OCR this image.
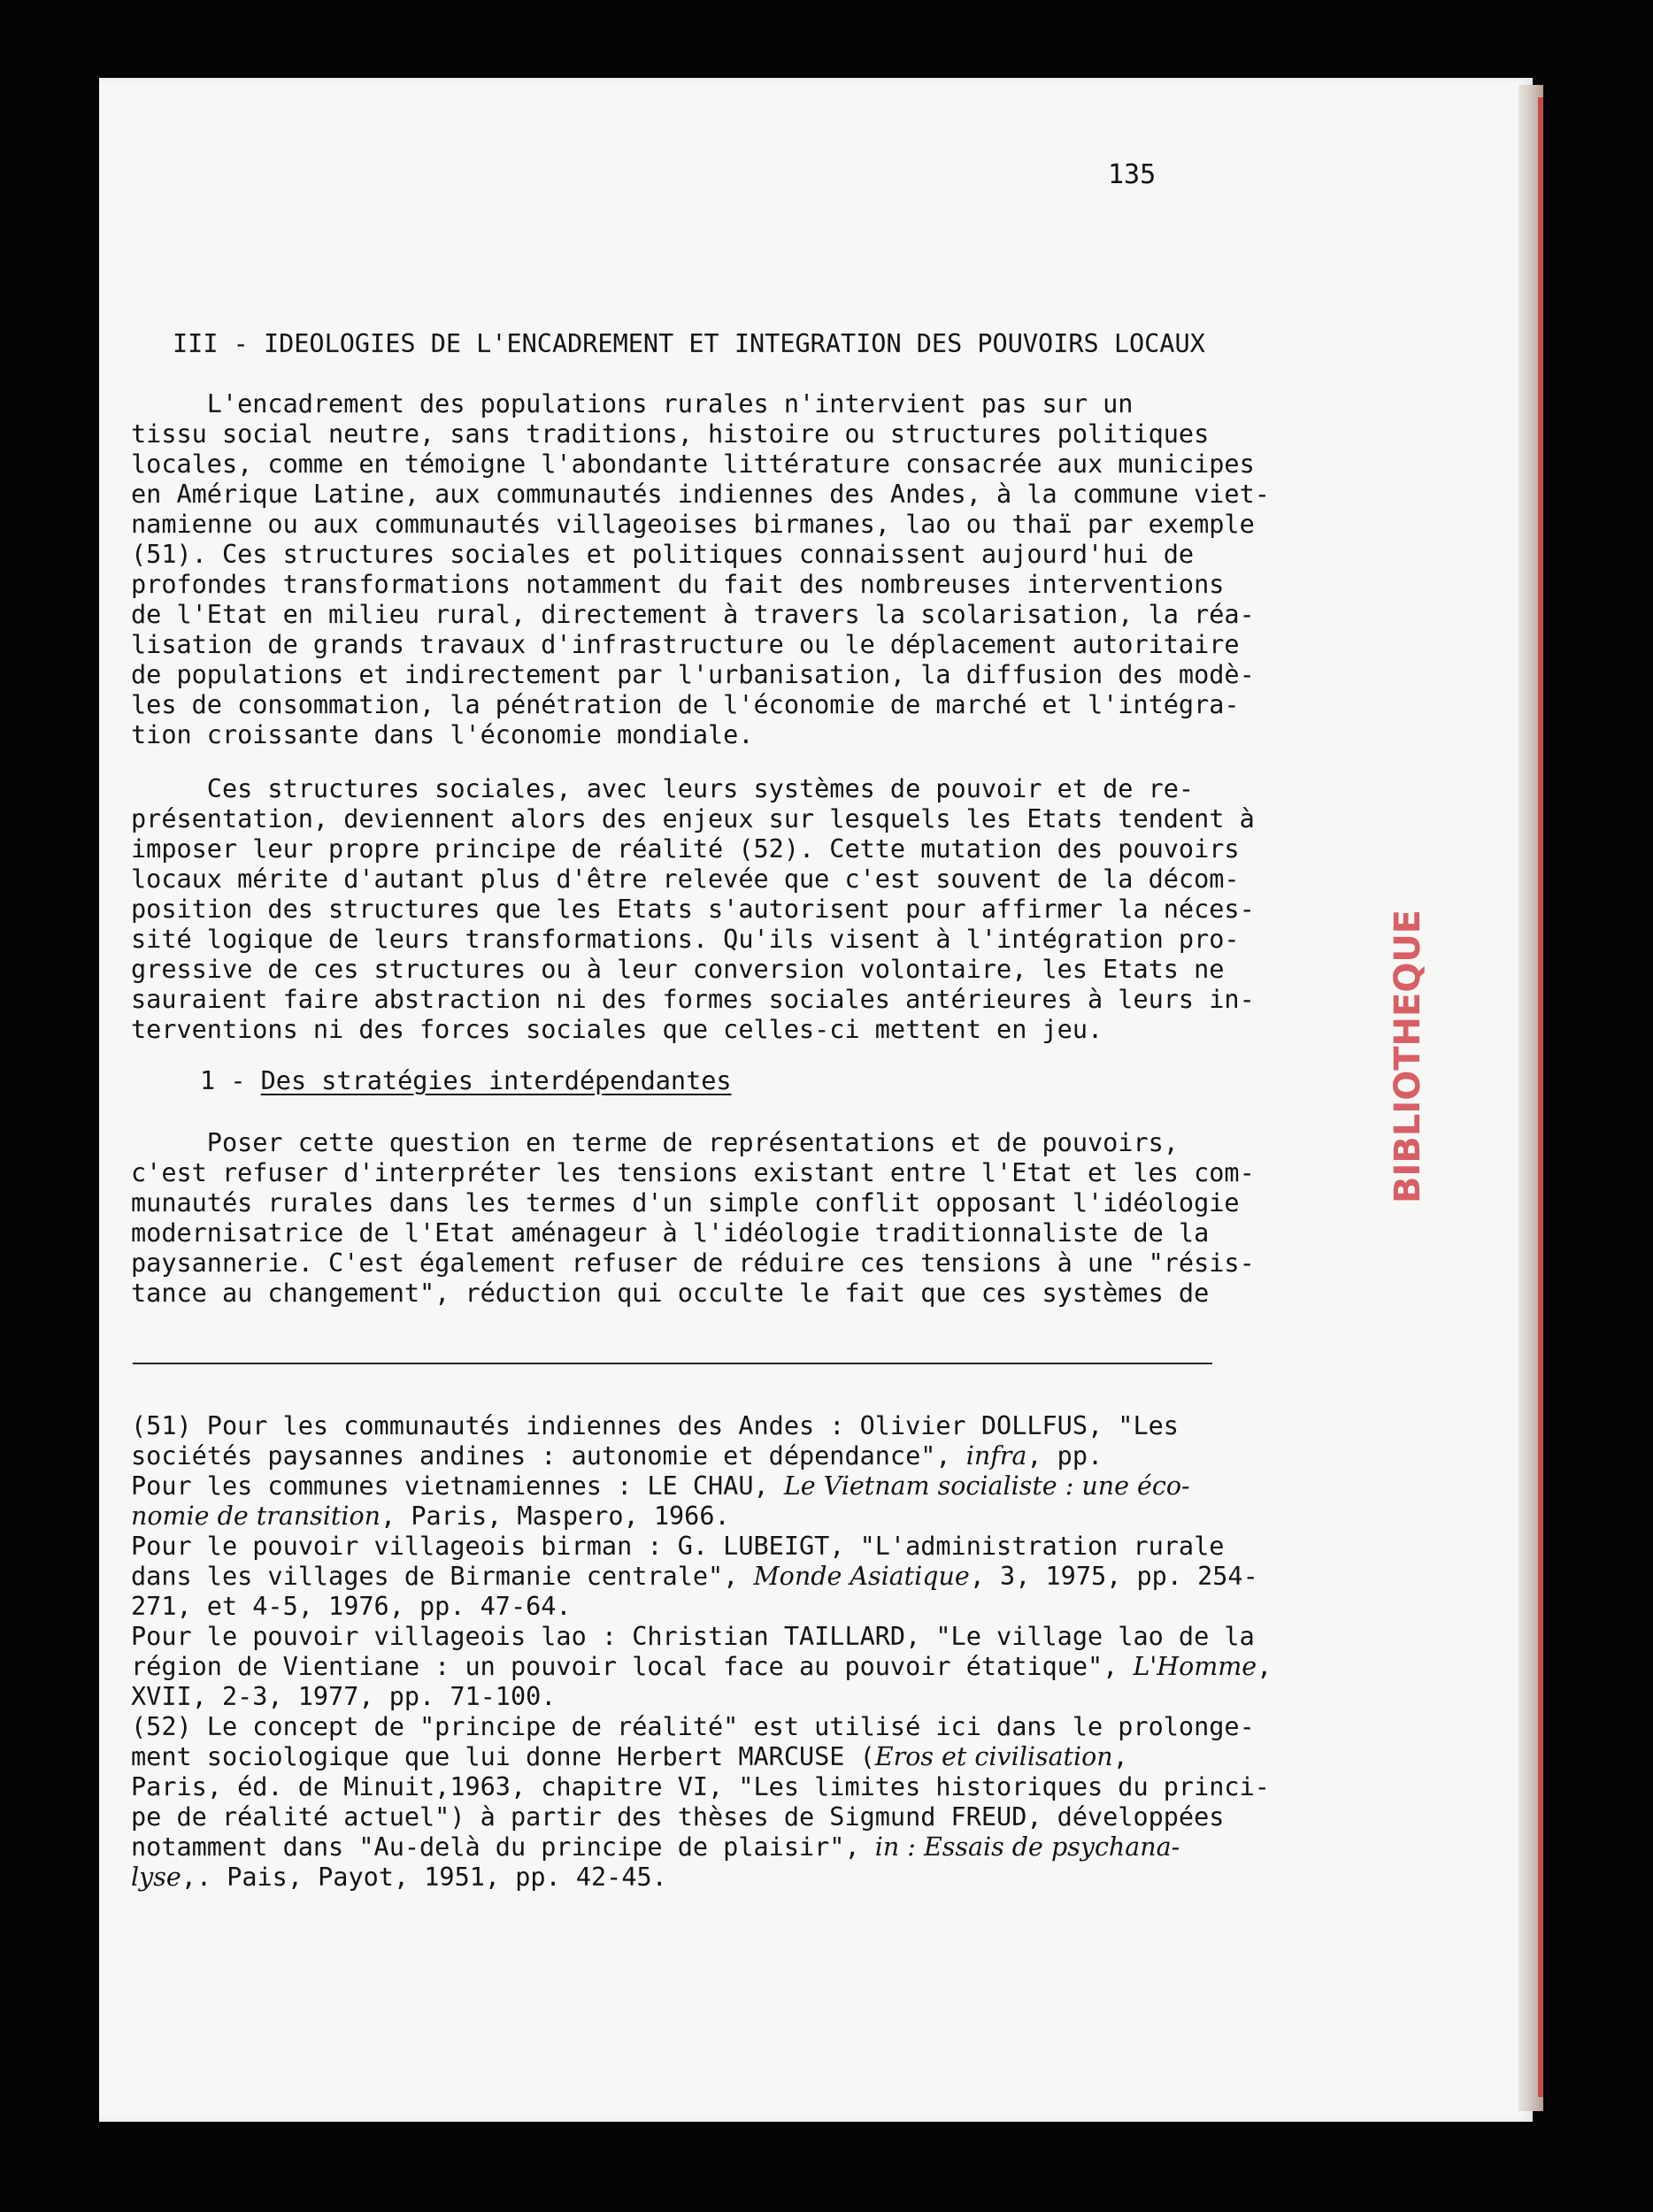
135
BIBLIOTHEQUE
III - IDEOLOGIES DE L'ENCADREMENT ET INTEGRATION DES POUVOIRS LOCAUX
L'encadrement des populations rurales n'intervient pas sur un
tissu social neutre, sans traditions, histoire ou structures politiques
locales, comme en témoigne l'abondante littérature consacrée aux municipes
en Amérique Latine, aux communautés indiennes des Andes, à la commune viet-
namienne ou aux communautés villageoises birmanes, lao ou thaï par exemple
(51). Ces structures sociales et politiques connaissent aujourd'hui de
profondes transformations notamment du fait des nombreuses interventions
de l'Etat en milieu rural, directement à travers la scolarisation, la réa-
lisation de grands travaux d'infrastructure ou le déplacement autoritaire
de populations et indirectement par l'urbanisation, la diffusion des modè-
les de consommation, la pénétration de l'économie de marché et l'intégra-
tion croissante dans l'économie mondiale.
Ces structures sociales, avec leurs systèmes de pouvoir et de re-
présentation, deviennent alors des enjeux sur lesquels les Etats tendent à
imposer leur propre principe de réalité (52). Cette mutation des pouvoirs
locaux mérite d'autant plus d'être relevée que c'est souvent de la décom-
position des structures que les Etats s'autorisent pour affirmer la néces-
sité logique de leurs transformations. Qu'ils visent à l'intégration pro-
gressive de ces structures ou à leur conversion volontaire, les Etats ne
sauraient faire abstraction ni des formes sociales antérieures à leurs in-
terventions ni des forces sociales que celles-ci mettent en jeu.
1 - Des stratégies interdépendantes
Poser cette question en terme de représentations et de pouvoirs,
c'est refuser d'interpréter les tensions existant entre l'Etat et les com-
munautés rurales dans les termes d'un simple conflit opposant l'idéologie
modernisatrice de l'Etat aménageur à l'idéologie traditionnaliste de la
paysannerie. C'est également refuser de réduire ces tensions à une "résis-
tance au changement", réduction qui occulte le fait que ces systèmes de
(51) Pour les communautés indiennes des Andes : Olivier DOLLFUS, "Les
sociétés paysannes andines : autonomie et dépendance", infra, pp.
Pour les communes vietnamiennes : LE CHAU, Le Vietnam socialiste : une éco-
nomie de transition, Paris, Maspero, 1966.
Pour le pouvoir villageois birman : G. LUBEIGT, "L'administration rurale
dans les villages de Birmanie centrale", Monde Asiatique, 3, 1975, pp. 254-
271, et 4-5, 1976, pp. 47-64.
Pour le pouvoir villageois lao : Christian TAILLARD, "Le village lao de la
région de Vientiane : un pouvoir local face au pouvoir étatique", L'Homme,
XVII, 2-3, 1977, pp. 71-100.
(52) Le concept de "principe de réalité" est utilisé ici dans le prolonge-
ment sociologique que lui donne Herbert MARCUSE (Eros et civilisation,
Paris, éd. de Minuit,1963, chapitre VI, "Les limites historiques du princi-
pe de réalité actuel") à partir des thèses de Sigmund FREUD, développées
notamment dans "Au-delà du principe de plaisir", in : Essais de psychana-
lyse,. Pais, Payot, 1951, pp. 42-45.
